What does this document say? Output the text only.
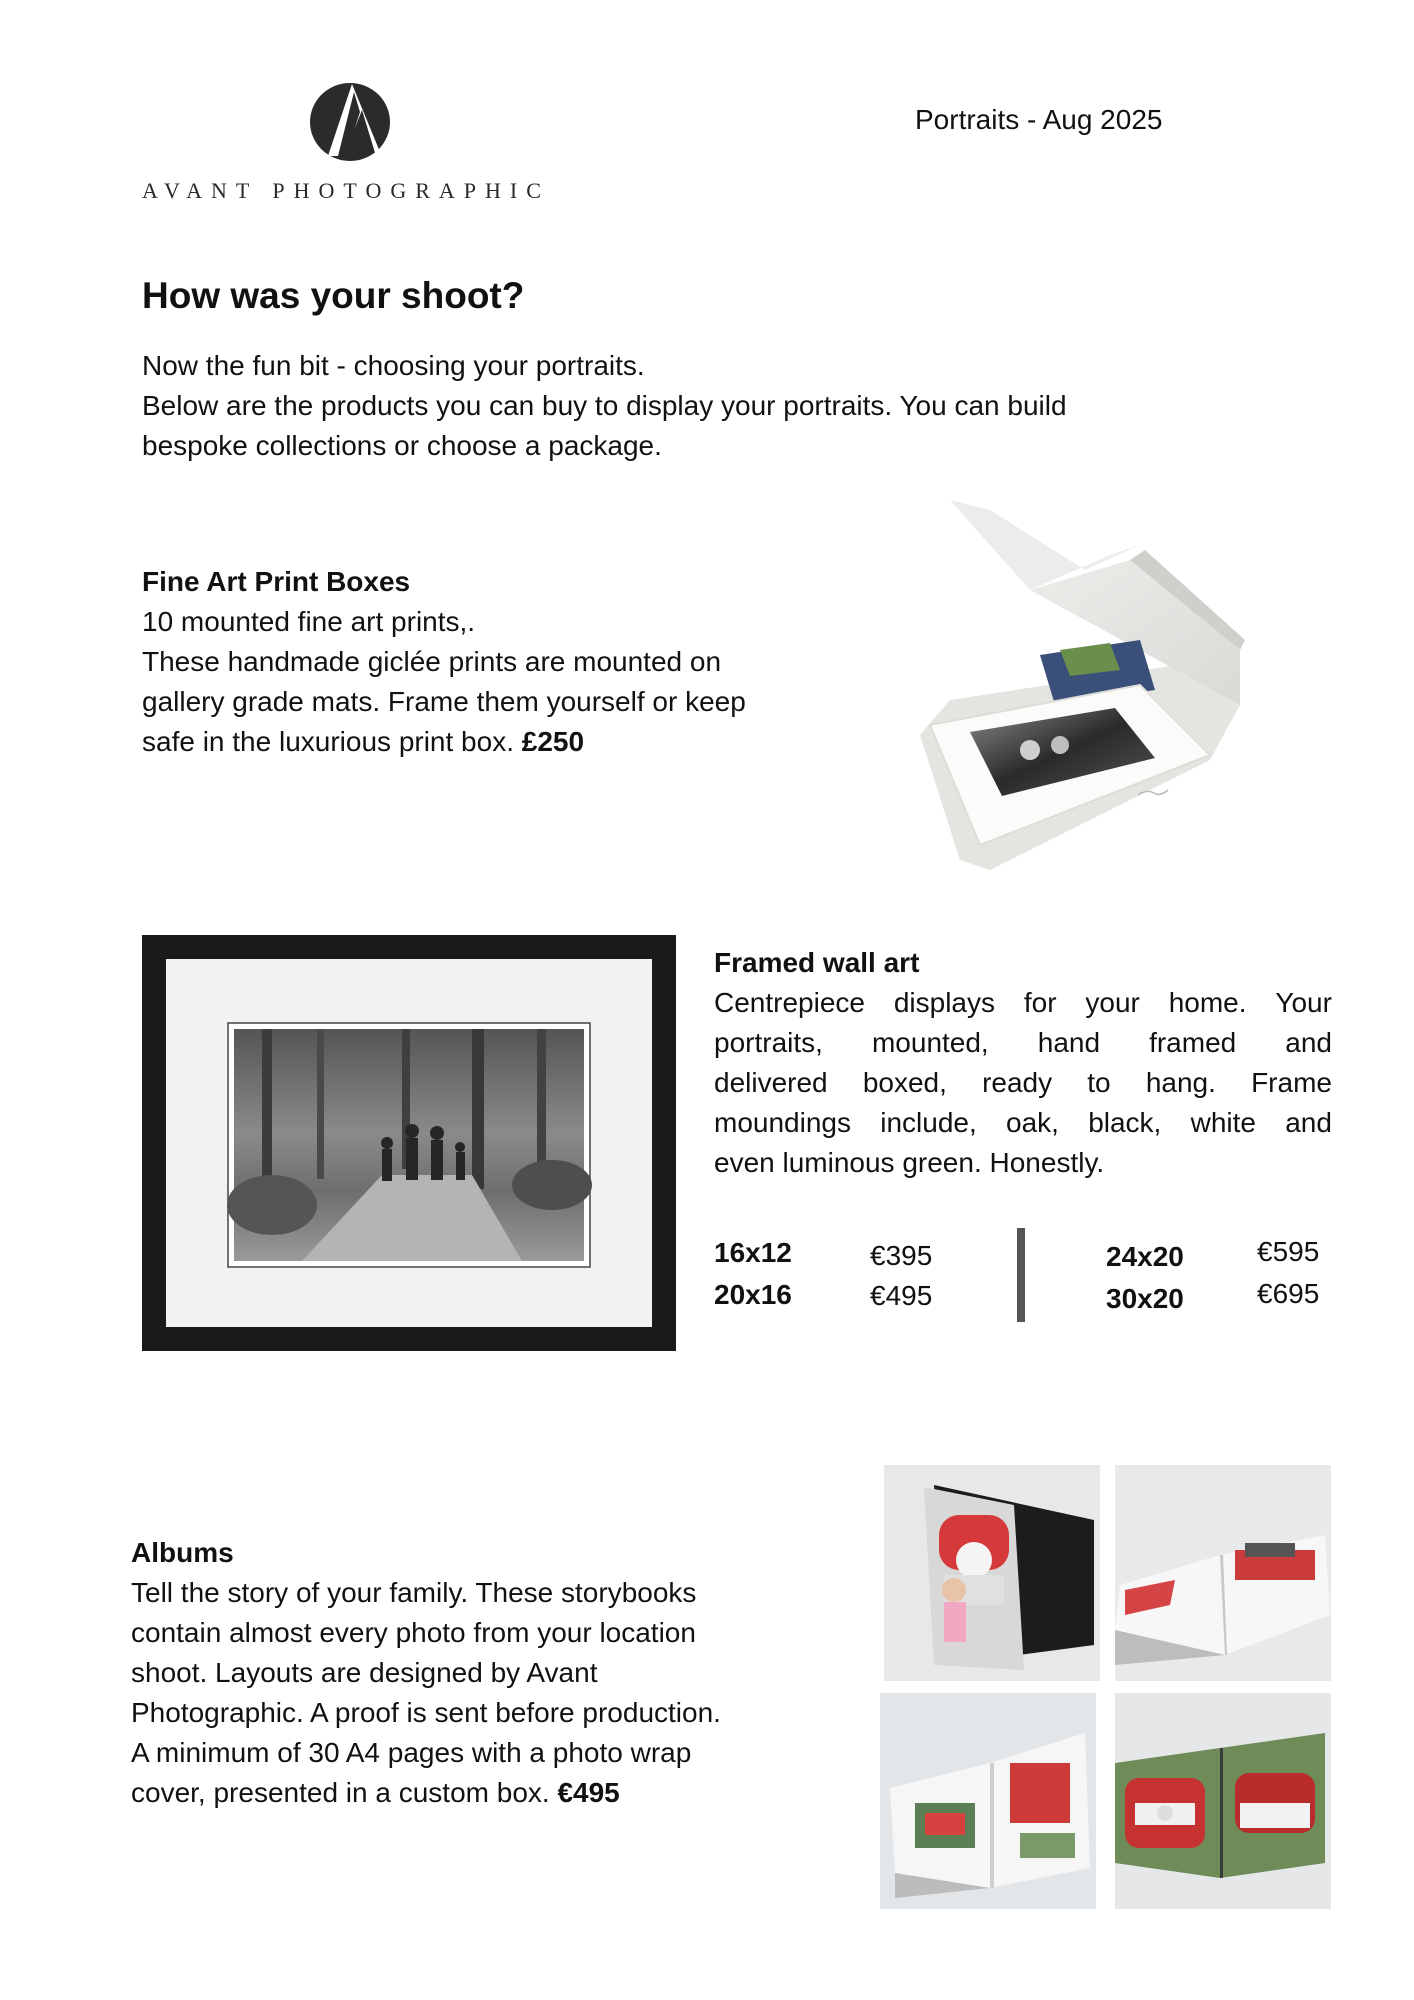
AVANT PHOTOGRAPHIC
Portraits - Aug 2025
How was your shoot?
Now the fun bit - choosing your portraits.
Below are the products you can buy to display your portraits. You can build
bespoke collections or choose a package.
Fine Art Print Boxes
10 mounted fine art prints,.
These handmade giclée prints are mounted on
gallery grade mats. Frame them yourself or keep
safe in the luxurious print box. £250
Framed wall art
Centrepiece displays for your home. Your
portraits, mounted, hand framed and
delivered boxed, ready to hang. Frame
moundings include, oak, black, white and
even luminous green. Honestly.
16x12	€395
20x16	€495
24x20	€595
30x20	€695
Albums
Tell the story of your family. These storybooks
contain almost every photo from your location
shoot. Layouts are designed by Avant
Photographic. A proof is sent before production.
A minimum of 30 A4 pages with a photo wrap
cover, presented in a custom box. €495
